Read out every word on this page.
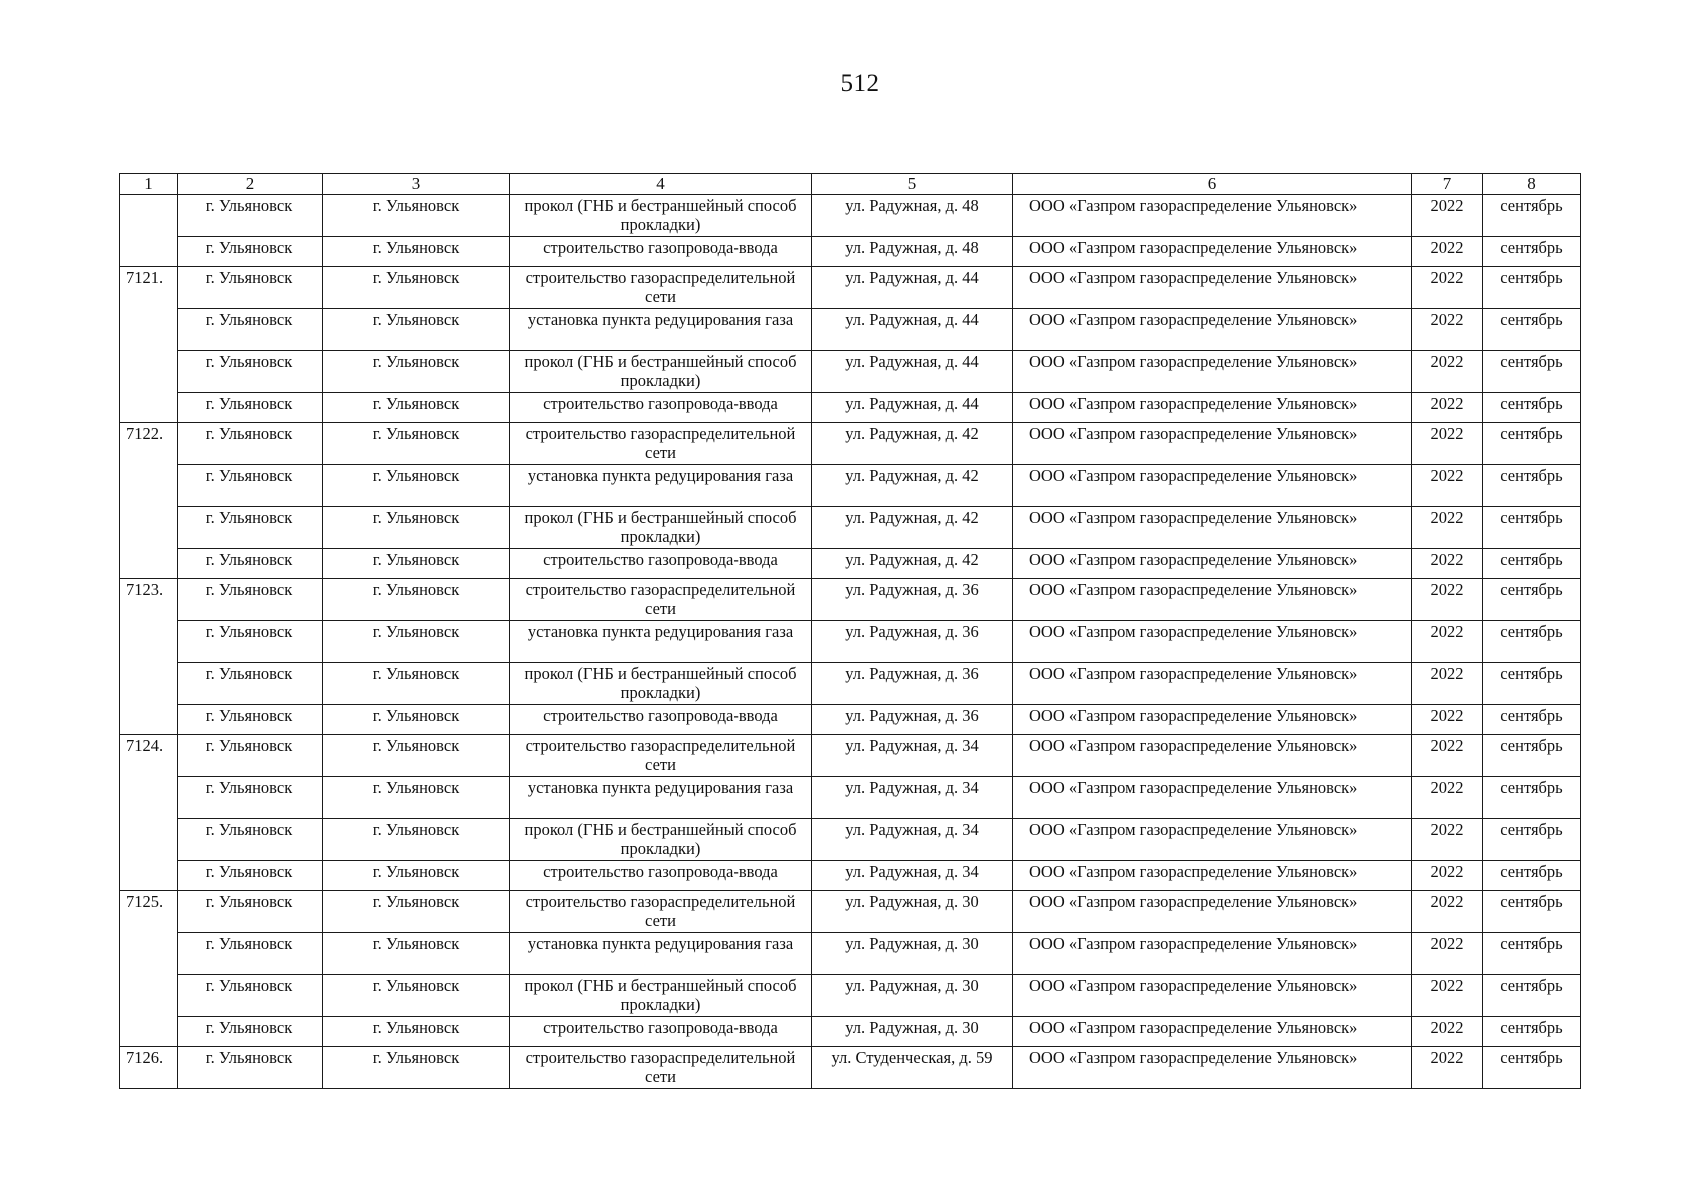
512
1	2	3	4	5	6	7	8
	г. Ульяновск	г. Ульяновск	прокол (ГНБ и бестраншейный способ прокладки)	ул. Радужная, д. 48	ООО «Газпром газораспределение Ульяновск»	2022	сентябрь
	г. Ульяновск	г. Ульяновск	строительство газопровода-ввода	ул. Радужная, д. 48	ООО «Газпром газораспределение Ульяновск»	2022	сентябрь
7121.	г. Ульяновск	г. Ульяновск	строительство газораспределительной сети	ул. Радужная, д. 44	ООО «Газпром газораспределение Ульяновск»	2022	сентябрь
	г. Ульяновск	г. Ульяновск	установка пункта редуцирования газа	ул. Радужная, д. 44	ООО «Газпром газораспределение Ульяновск»	2022	сентябрь
	г. Ульяновск	г. Ульяновск	прокол (ГНБ и бестраншейный способ прокладки)	ул. Радужная, д. 44	ООО «Газпром газораспределение Ульяновск»	2022	сентябрь
	г. Ульяновск	г. Ульяновск	строительство газопровода-ввода	ул. Радужная, д. 44	ООО «Газпром газораспределение Ульяновск»	2022	сентябрь
7122.	г. Ульяновск	г. Ульяновск	строительство газораспределительной сети	ул. Радужная, д. 42	ООО «Газпром газораспределение Ульяновск»	2022	сентябрь
	г. Ульяновск	г. Ульяновск	установка пункта редуцирования газа	ул. Радужная, д. 42	ООО «Газпром газораспределение Ульяновск»	2022	сентябрь
	г. Ульяновск	г. Ульяновск	прокол (ГНБ и бестраншейный способ прокладки)	ул. Радужная, д. 42	ООО «Газпром газораспределение Ульяновск»	2022	сентябрь
	г. Ульяновск	г. Ульяновск	строительство газопровода-ввода	ул. Радужная, д. 42	ООО «Газпром газораспределение Ульяновск»	2022	сентябрь
7123.	г. Ульяновск	г. Ульяновск	строительство газораспределительной сети	ул. Радужная, д. 36	ООО «Газпром газораспределение Ульяновск»	2022	сентябрь
	г. Ульяновск	г. Ульяновск	установка пункта редуцирования газа	ул. Радужная, д. 36	ООО «Газпром газораспределение Ульяновск»	2022	сентябрь
	г. Ульяновск	г. Ульяновск	прокол (ГНБ и бестраншейный способ прокладки)	ул. Радужная, д. 36	ООО «Газпром газораспределение Ульяновск»	2022	сентябрь
	г. Ульяновск	г. Ульяновск	строительство газопровода-ввода	ул. Радужная, д. 36	ООО «Газпром газораспределение Ульяновск»	2022	сентябрь
7124.	г. Ульяновск	г. Ульяновск	строительство газораспределительной сети	ул. Радужная, д. 34	ООО «Газпром газораспределение Ульяновск»	2022	сентябрь
	г. Ульяновск	г. Ульяновск	установка пункта редуцирования газа	ул. Радужная, д. 34	ООО «Газпром газораспределение Ульяновск»	2022	сентябрь
	г. Ульяновск	г. Ульяновск	прокол (ГНБ и бестраншейный способ прокладки)	ул. Радужная, д. 34	ООО «Газпром газораспределение Ульяновск»	2022	сентябрь
	г. Ульяновск	г. Ульяновск	строительство газопровода-ввода	ул. Радужная, д. 34	ООО «Газпром газораспределение Ульяновск»	2022	сентябрь
7125.	г. Ульяновск	г. Ульяновск	строительство газораспределительной сети	ул. Радужная, д. 30	ООО «Газпром газораспределение Ульяновск»	2022	сентябрь
	г. Ульяновск	г. Ульяновск	установка пункта редуцирования газа	ул. Радужная, д. 30	ООО «Газпром газораспределение Ульяновск»	2022	сентябрь
	г. Ульяновск	г. Ульяновск	прокол (ГНБ и бестраншейный способ прокладки)	ул. Радужная, д. 30	ООО «Газпром газораспределение Ульяновск»	2022	сентябрь
	г. Ульяновск	г. Ульяновск	строительство газопровода-ввода	ул. Радужная, д. 30	ООО «Газпром газораспределение Ульяновск»	2022	сентябрь
7126.	г. Ульяновск	г. Ульяновск	строительство газораспределительной сети	ул. Студенческая, д. 59	ООО «Газпром газораспределение Ульяновск»	2022	сентябрь
